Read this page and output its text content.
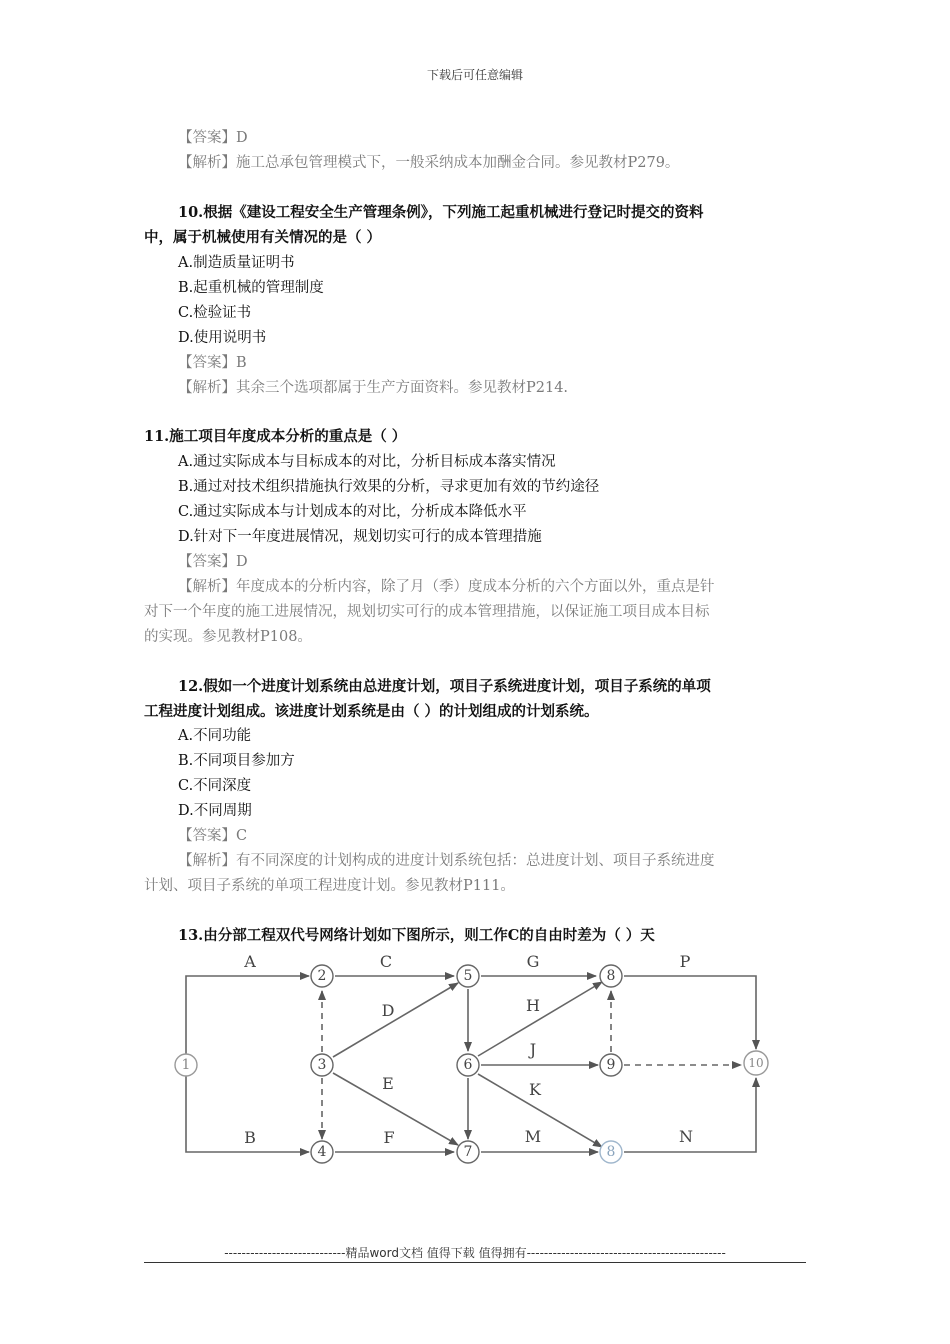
下载后可任意编辑
【答案】D
【解析】施工总承包管理模式下，一般采纳成本加酬金合同。参见教材P279。
10.根据《建设工程安全生产管理条例》，下列施工起重机械进行登记时提交的资料
中，属于机械使用有关情况的是（ ）
A.制造质量证明书
B.起重机械的管理制度
C.检验证书
D.使用说明书
【答案】B
【解析】其余三个选项都属于生产方面资料。参见教材P214.
11.施工项目年度成本分析的重点是（ ）
A.通过实际成本与目标成本的对比，分析目标成本落实情况
B.通过对技术组织措施执行效果的分析，寻求更加有效的节约途径
C.通过实际成本与计划成本的对比，分析成本降低水平
D.针对下一年度进展情况，规划切实可行的成本管理措施
【答案】D
【解析】年度成本的分析内容，除了月（季）度成本分析的六个方面以外，重点是针
对下一个年度的施工进展情况，规划切实可行的成本管理措施，以保证施工项目成本目标
的实现。参见教材P108。
12.假如一个进度计划系统由总进度计划，项目子系统进度计划，项目子系统的单项
工程进度计划组成。该进度计划系统是由（ ）的计划组成的计划系统。
A.不同功能
B.不同项目参加方
C.不同深度
D.不同周期
【答案】C
【解析】有不同深度的计划构成的进度计划系统包括：总进度计划、项目子系统进度
计划、项目子系统的单项工程进度计划。参见教材P111。
13.由分部工程双代号网络计划如下图所示，则工作C的自由时差为（ ）天
1
2
3
4
5
6
7
8
9	10
8
A
B
C
D
E
F
G
H
J
K
M
P
N
----------------------------精品word文档 值得下载 值得拥有----------------------------------------------
